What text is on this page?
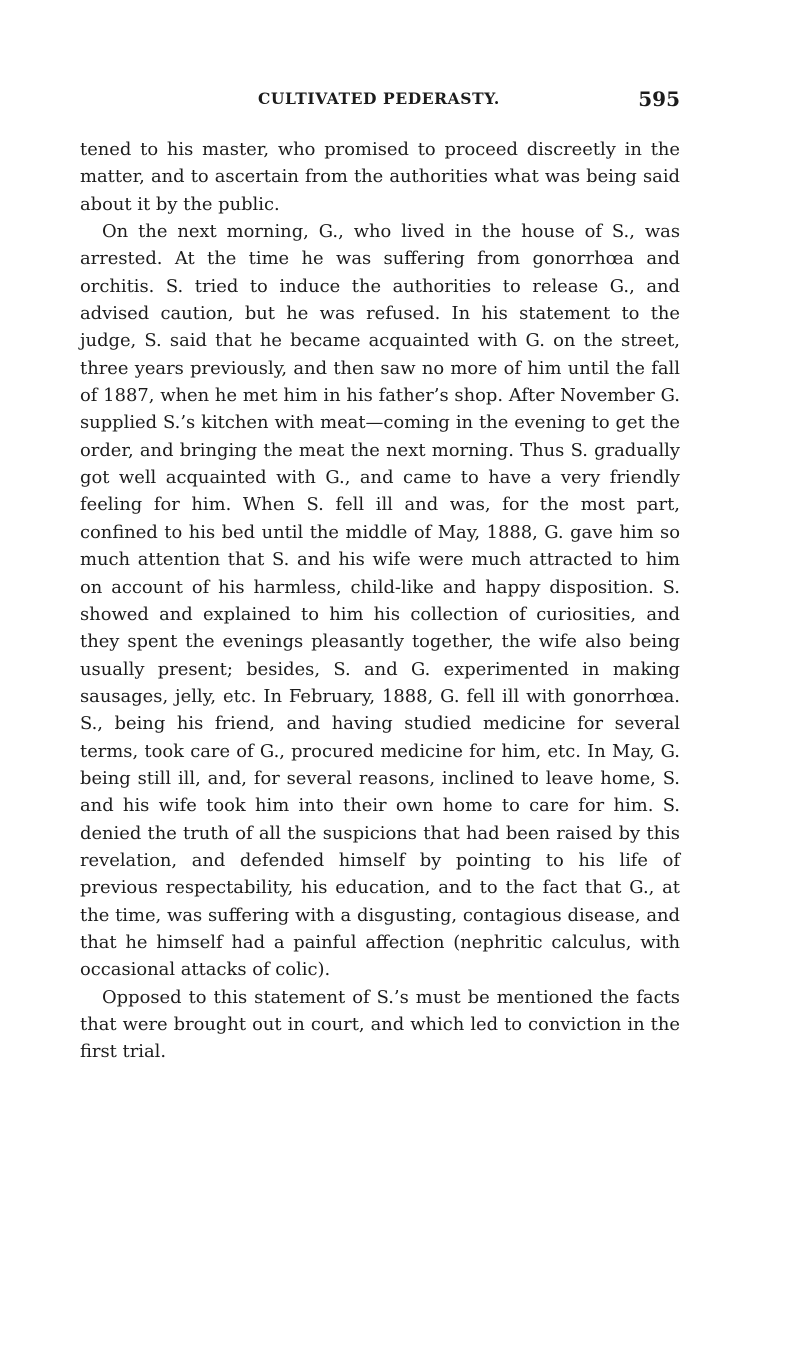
CULTIVATED PEDERASTY.	595

tened to his master, who promised to proceed discreetly in the matter, and to ascertain from the authorities what was being said about it by the public.

On the next morning, G., who lived in the house of S., was arrested. At the time he was suffering from gonorrhœa and orchitis. S. tried to induce the authorities to release G., and advised caution, but he was refused. In his statement to the judge, S. said that he became acquainted with G. on the street, three years previously, and then saw no more of him until the fall of 1887, when he met him in his father’s shop. After November G. supplied S.’s kitchen with meat—coming in the evening to get the order, and bringing the meat the next morning. Thus S. gradually got well acquainted with G., and came to have a very friendly feeling for him. When S. fell ill and was, for the most part, confined to his bed until the middle of May, 1888, G. gave him so much attention that S. and his wife were much attracted to him on account of his harmless, child-like and happy disposition. S. showed and explained to him his collection of curiosities, and they spent the evenings pleasantly together, the wife also being usually present; besides, S. and G. experimented in making sausages, jelly, etc. In February, 1888, G. fell ill with gonorrhœa. S., being his friend, and having studied medicine for several terms, took care of G., procured medicine for him, etc. In May, G. being still ill, and, for several reasons, inclined to leave home, S. and his wife took him into their own home to care for him. S. denied the truth of all the suspicions that had been raised by this revelation, and defended himself by pointing to his life of previous respectability, his education, and to the fact that G., at the time, was suffering with a disgusting, contagious disease, and that he himself had a painful affection (nephritic calculus, with occasional attacks of colic).

Opposed to this statement of S.’s must be mentioned the facts that were brought out in court, and which led to conviction in the first trial.
